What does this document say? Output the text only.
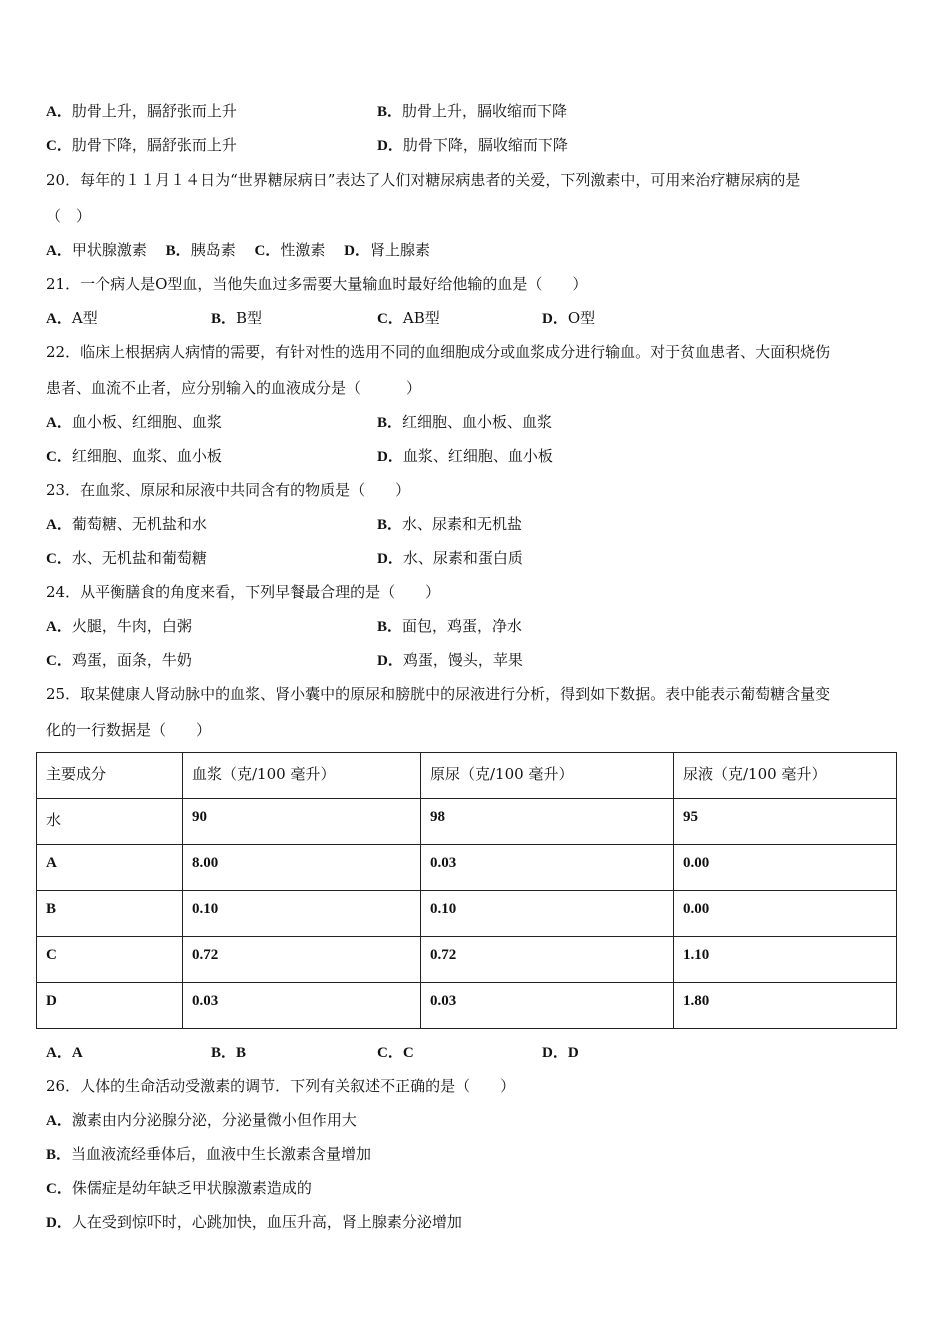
A．肋骨上升，膈舒张而上升	B．肋骨上升，膈收缩而下降
C．肋骨下降，膈舒张而上升	D．肋骨下降，膈收缩而下降
20．每年的１１月１４日为“世界糖尿病日”表达了人们对糖尿病患者的关爱，下列激素中，可用来治疗糖尿病的是
（　）
A．甲状腺激素 B．胰岛素 C．性激素 D．肾上腺素
21．一个病人是O型血，当他失血过多需要大量输血时最好给他输的血是（　　）
A．A型	B．B型	C．AB型	D．O型
22．临床上根据病人病情的需要，有针对性的选用不同的血细胞成分或血浆成分进行输血。对于贫血患者、大面积烧伤
患者、血流不止者，应分别输入的血液成分是（　　　）
A．血小板、红细胞、血浆	B．红细胞、血小板、血浆
C．红细胞、血浆、血小板	D．血浆、红细胞、血小板
23．在血浆、原尿和尿液中共同含有的物质是（　　）
A．葡萄糖、无机盐和水	B．水、尿素和无机盐
C．水、无机盐和葡萄糖	D．水、尿素和蛋白质
24．从平衡膳食的角度来看，下列早餐最合理的是（　　）
A．火腿，牛肉，白粥	B．面包，鸡蛋，净水
C．鸡蛋，面条，牛奶	D．鸡蛋，馒头，苹果
25．取某健康人肾动脉中的血浆、肾小囊中的原尿和膀胱中的尿液进行分析，得到如下数据。表中能表示葡萄糖含量变
化的一行数据是（　　）
主要成分	血浆（克/100 毫升）	原尿（克/100 毫升）	尿液（克/100 毫升）
水	90	98	95
A	8.00	0.03	0.00
B	0.10	0.10	0.00
C	0.72	0.72	1.10
D	0.03	0.03	1.80
A．A	B．B	C．C	D．D
26．人体的生命活动受激素的调节．下列有关叙述不正确的是（　　）
A．激素由内分泌腺分泌，分泌量微小但作用大
B．当血液流经垂体后，血液中生长激素含量增加
C．侏儒症是幼年缺乏甲状腺激素造成的
D．人在受到惊吓时，心跳加快，血压升高，肾上腺素分泌增加
